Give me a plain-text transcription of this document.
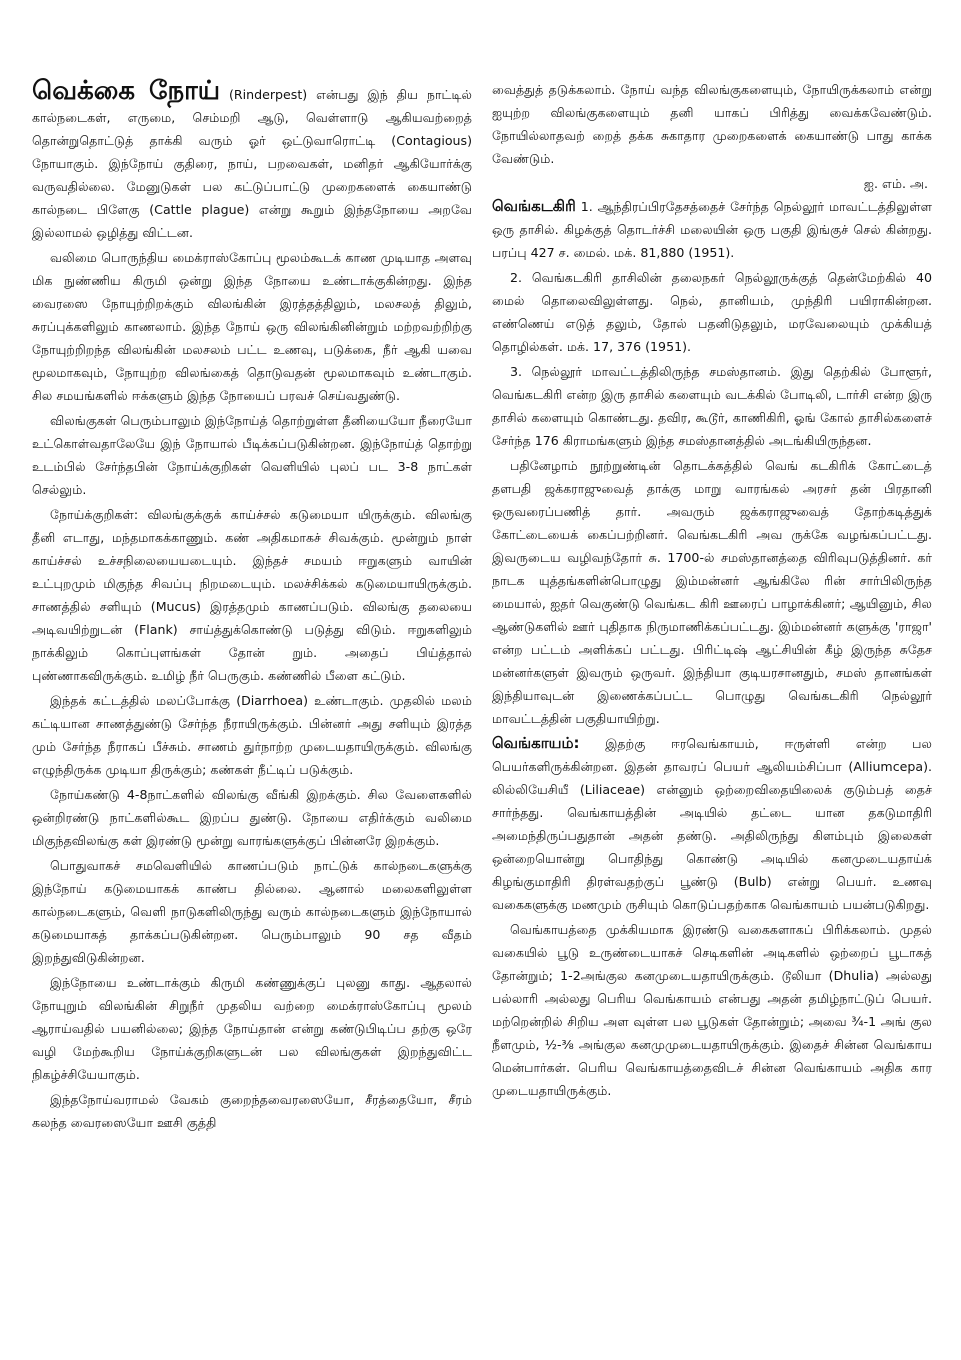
வெக்கை நோய் (Rinderpest) என்பது இந் திய நாட்டில் கால்நடைகள், எருமை, செம்மறி ஆடு, வெள்ளாடு ஆகியவற்றைத் தொன்றுதொட்டுத் தாக்கி வரும் ஓர் ஒட்டுவாரொட்டி (Contagious) நோயாகும். இந்நோய் குதிரை, நாய், பறவைகள், மனிதர் ஆகியோர்க்கு வருவதில்லை. மேனுடுகள் பல கட்டுப்பாட்டு முறைகளைக் கையாண்டு கால்நடை பிளேகு (Cattle plague) என்று கூறும் இந்தநோயை அறவே இல்லாமல் ஒழித்து விட்டன.

வலிமை பொருந்திய மைக்ராஸ்கோப்பு மூலம்கூடக் காண முடியாத அளவு மிக நுண்ணிய கிருமி ஒன்று இந்த நோயை உண்டாக்குகின்றது. இந்த வைரஸை நோயுற்றிறக்கும் விலங்கின் இரத்தத்திலும், மலசலத் திலும், சுரப்புக்களிலும் காணலாம். இந்த நோய் ஒரு விலங்கினின்றும் மற்றவற்றிற்கு நோயுற்றிறந்த விலங்கின் மலசலம் பட்ட உணவு, படுக்கை, நீர் ஆகி யவை மூலமாகவும், நோயுற்ற விலங்கைத் தொடுவதன் மூலமாகவும் உண்டாகும். சில சமயங்களில் ஈக்களும் இந்த நோயைப் பரவச் செய்வதுண்டு.

விலங்குகள் பெரும்பாலும் இந்நோய்த் தொற்றுள்ள தீனியையோ நீரையோ உட்கொள்வதாலேயே இந் நோயால் பீடிக்கப்படுகின்றன. இந்நோய்த் தொற்று உடம்பில் சேர்ந்தபின் நோய்க்குறிகள் வெளியில் புலப் பட 3-8 நாட்கள் செல்லும்.

நோய்க்குறிகள்: விலங்குக்குக் காய்ச்சல் கடுமையா யிருக்கும். விலங்கு தீனி எடாது, மந்தமாகக்காணும். கண் அதிகமாகச் சிவக்கும். மூன்றும் நாள் காய்ச்சல் உச்சநிலையையடையும். இந்தச் சமயம் ஈறுகளும் வாயின் உட்புறமும் மிகுந்த சிவப்பு நிறமடையும். மலச்சிக்கல் கடுமையாயிருக்கும். சாணத்தில் சளியும் (Mucus) இரத்தமும் காணப்படும். விலங்கு தலையை அடிவயிற்றுடன் (Flank) சாய்த்துக்கொண்டு படுத்து விடும். ஈறுகளிலும் நாக்கிலும் கொப்புளங்கள் தோன் றும். அதைப் பிய்த்தால் புண்ணாகவிருக்கும். உமிழ் நீர் பெருகும். கண்ணில் பீளை கட்டும்.

இந்தக் கட்டத்தில் மலப்போக்கு (Diarrhoea) உண்டாகும். முதலில் மலம் கட்டியான சாணத்துண்டு சேர்ந்த நீராயிருக்கும். பின்னர் அது சளியும் இரத்த மும் சேர்ந்த நீராகப் பீச்சும். சாணம் துர்நாற்ற முடையதாயிருக்கும். விலங்கு எழுந்திருக்க முடியா திருக்கும்; கண்கள் நீட்டிப் படுக்கும்.

நோய்கண்டு 4-8நாட்களில் விலங்கு வீங்கி இறக்கும். சில வேளைகளில் ஒன்றிரண்டு நாட்களில்கூட இறப்ப துண்டு. நோயை எதிர்க்கும் வலிமை மிகுந்தவிலங்கு கள் இரண்டு மூன்று வாரங்களுக்குப் பின்னரே இறக்கும்.

பொதுவாகச் சமவெளியில் காணப்படும் நாட்டுக் கால்நடைகளுக்கு இந்நோய் கடுமையாகக் காண்ப தில்லை. ஆனால் மலைகளிலுள்ள கால்நடைகளும், வெளி நாடுகளிலிருந்து வரும் கால்நடைகளும் இந்நோயால் கடுமையாகத் தாக்கப்படுகின்றன. பெரும்பாலும் 90 சத வீதம் இறந்துவிடுகின்றன.

இந்நோயை உண்டாக்கும் கிருமி கண்ணுக்குப் புலனு காது. ஆதலால் நோயுறும் விலங்கின் சிறுநீர் முதலிய வற்றை மைக்ராஸ்கோப்பு மூலம் ஆராய்வதில் பயனில்லை; இந்த நோய்தான் என்று கண்டுபிடிப்ப தற்கு ஒரே வழி மேற்கூறிய நோய்க்குறிகளுடன் பல விலங்குகள் இறந்துவிட்ட நிகழ்ச்சியேயாகும்.

இந்தநோய்வராமல் வேகம் குறைந்தவைரஸையோ, சீரத்தையோ, சீரம் கலந்த வைரஸையோ ஊசி குத்தி

வைத்துத் தடுக்கலாம். நோய் வந்த விலங்குகளையும், நோயிருக்கலாம் என்று ஐயுற்ற விலங்குகளையும் தனி யாகப் பிரித்து வைக்கவேண்டும். நோயில்லாதவற் றைத் தக்க சுகாதார முறைகளைக் கையாண்டு பாது காக்க வேண்டும்.

ஐ. எம். அ.

வெங்கடகிரி 1. ஆந்திரப்பிரதேசத்தைச் சேர்ந்த நெல்லூர் மாவட்டத்திலுள்ள ஒரு தாசில். கிழக்குத் தொடர்ச்சி மலையின் ஒரு பகுதி இங்குச் செல் கின்றது. பரப்பு 427 ச. மைல். மக். 81,880 (1951).

2. வெங்கடகிரி தாசிலின் தலைநகர் நெல்லூருக்குத் தென்மேற்கில் 40 மைல் தொலைவிலுள்ளது. நெல், தானியம், முந்திரி பயிராகின்றன. எண்ணெய் எடுத் தலும், தோல் பதனிடுதலும், மரவேலையும் முக்கியத் தொழில்கள். மக். 17, 376 (1951).

3. நெல்லூர் மாவட்டத்திலிருந்த சமஸ்தானம். இது தெற்கில் போளூர், வெங்கடகிரி என்ற இரு தாசில் களையும் வடக்கில் போடிலி, டார்சி என்ற இரு தாசில் களையும் கொண்டது. தவிர, கூடூர், காணிகிரி, ஓங் கோல் தாசில்களைச் சேர்ந்த 176 கிராமங்களும் இந்த சமஸ்தானத்தில் அடங்கியிருந்தன.

பதினேழாம் நூற்றுண்டின் தொடக்கத்தில் வெங் கடகிரிக் கோட்டைத் தளபதி ஜக்கராஜுவைத் தாக்கு மாறு வாரங்கல் அரசர் தன் பிரதானி ஒருவரைப்பணித் தார். அவரும் ஜக்கராஜுவைத் தோற்கடித்துக் கோட்டையைக் கைப்பற்றினர். வெங்கடகிரி அவ ருக்கே வழங்கப்பட்டது. இவருடைய வழிவந்தோர் சு. 1700-ல் சமஸ்தானத்தை விரிவுபடுத்தினர். கர் நாடக யுத்தங்களின்பொழுது இம்மன்னர் ஆங்கிலே ரின் சார்பிலிருந்த மையால், ஐதர் வெகுண்டு வெங்கட கிரி ஊரைப் பாழாக்கினர்; ஆயினும், சில ஆண்டுகளில் ஊர் புதிதாக நிருமாணிக்கப்பட்டது. இம்மன்னர் களுக்கு 'ராஜா' என்ற பட்டம் அளிக்கப் பட்டது. பிரிட்டிஷ் ஆட்சியின் கீழ் இருந்த சுதேச மன்னர்களுள் இவரும் ஒருவர். இந்தியா குடியரசானதும், சமஸ் தானங்கள் இந்தியாவுடன் இணைக்கப்பட்ட பொழுது வெங்கடகிரி நெல்லூர் மாவட்டத்தின் பகுதியாயிற்று.

வெங்காயம்: இதற்கு ஈரவெங்காயம், ஈருள்ளி என்ற பல பெயர்களிருக்கின்றன. இதன் தாவரப் பெயர் ஆலியம்சிப்பா (Alliumcepa). லில்லியேசியீ (Liliaceae) என்னும் ஒற்றைவிதையிலைக் குடும்பத் தைச் சார்ந்தது. வெங்காயத்தின் அடியில் தட்டை யான தகடுமாதிரி அமைந்திருப்பதுதான் அதன் தண்டு. அதிலிருந்து கிளம்பும் இலைகள் ஒன்றையொன்று பொதிந்து கொண்டு அடியில் கனமுடையதாய்க் கிழங்குமாதிரி திரள்வதற்குப் பூண்டு (Bulb) என்று பெயர். உணவு வகைகளுக்கு மணமும் ருசியும் கொடுப்பதற்காக வெங்காயம் பயன்படுகிறது.

வெங்காயத்தை முக்கியமாக இரண்டு வகைகளாகப் பிரிக்கலாம். முதல் வகையில் பூடு உருண்டையாகச் செடிகளின் அடிகளில் ஒற்றைப் பூடாகத் தோன்றும்; 1-2அங்குல கனமுடையதாயிருக்கும். டூலியா (Dhulia) அல்லது பல்லாரி அல்லது பெரிய வெங்காயம் என்பது அதன் தமிழ்நாட்டுப் பெயர். மற்றென்றில் சிறிய அள வுள்ள பல பூடுகள் தோன்றும்; அவை ¾-1 அங் குல நீளமும், ½-⅜ அங்குல கனமுமுடையதாயிருக்கும். இதைச் சின்ன வெங்காய மென்பார்கள். பெரிய வெங்காயத்தைவிடச் சின்ன வெங்காயம் அதிக கார முடையதாயிருக்கும்.
